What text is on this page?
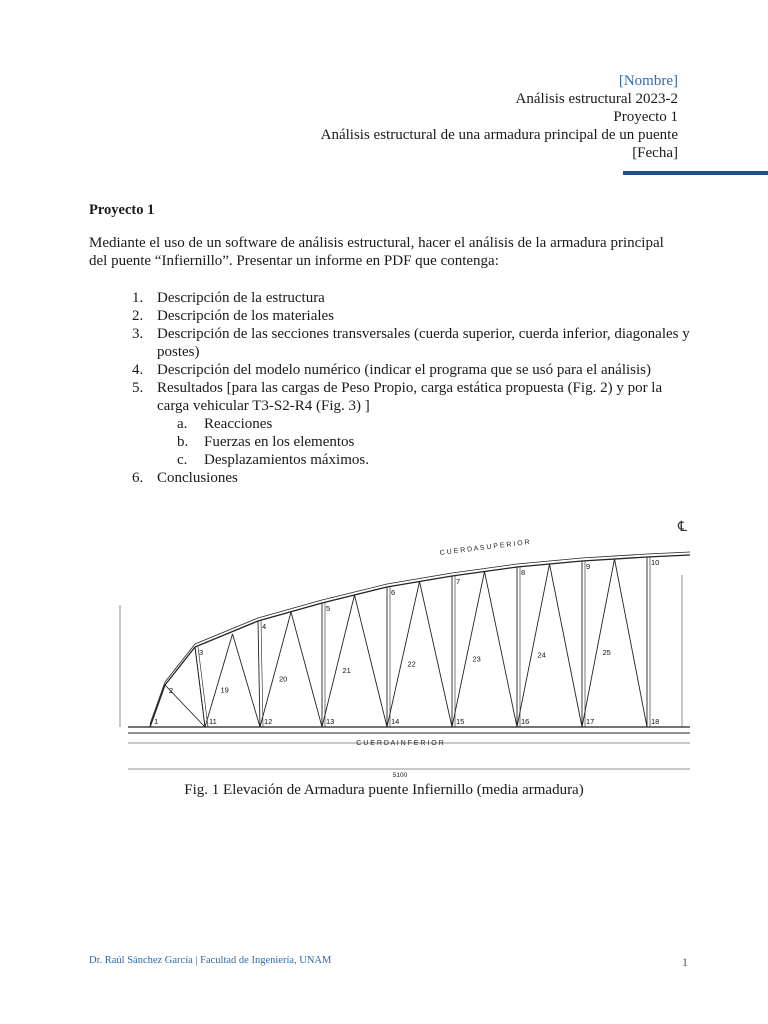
[Nombre]
Análisis estructural 2023-2
Proyecto 1
Análisis estructural de una armadura principal de un puente
[Fecha]
Proyecto 1
Mediante el uso de un software de análisis estructural, hacer el análisis de la armadura principal del puente “Infiernillo”. Presentar un informe en PDF que contenga:
1. Descripción de la estructura
2. Descripción de los materiales
3. Descripción de las secciones transversales (cuerda superior, cuerda inferior, diagonales y postes)
4. Descripción del modelo numérico (indicar el programa que se usó para el análisis)
5. Resultados [para las cargas de Peso Propio, carga estática propuesta (Fig. 2) y por la carga vehicular T3-S2-R4 (Fig. 3) ]
a. Reacciones
b. Fuerzas en los elementos
c. Desplazamientos máximos.
6. Conclusiones
1	11	12	13	14	15	16	17	18
2
3
4
5
6
7
8
9	10
19
20
21
22
23	24	25
C U E R D A S U P E R I O R
C U E R D A I N F E R I O R
℄
5100
Fig. 1 Elevación de Armadura puente Infiernillo (media armadura)
Dr. Raúl Sánchez García | Facultad de Ingeniería, UNAM	1
